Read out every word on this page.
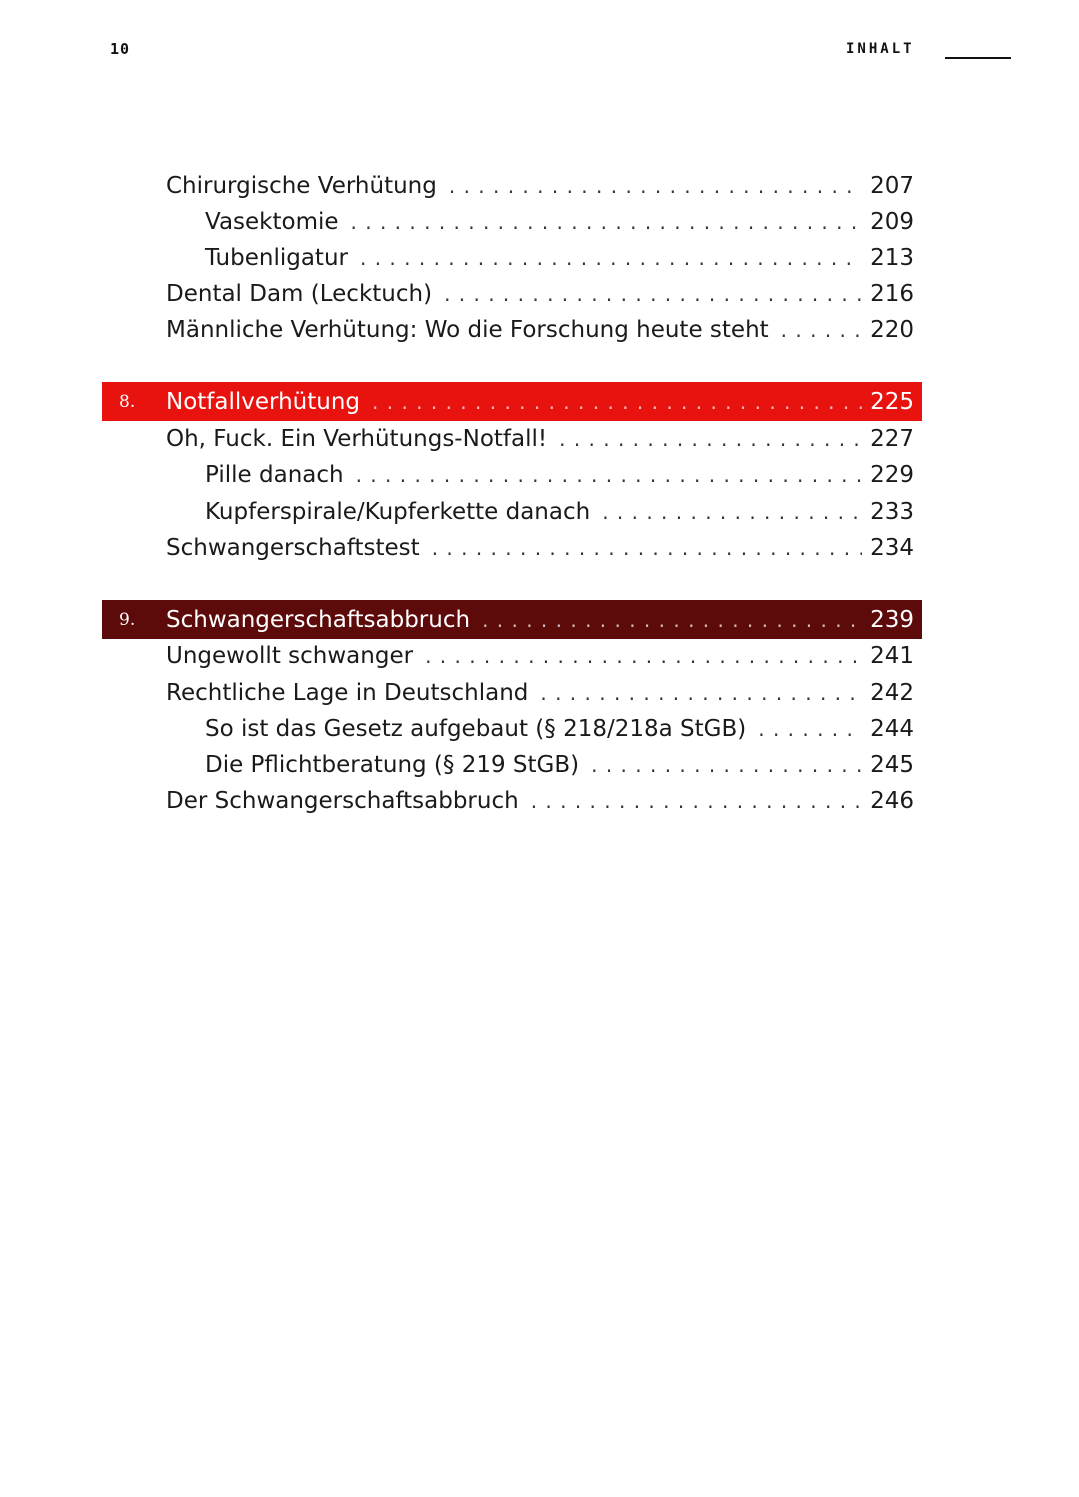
10	INHALT
Chirurgische Verhütung . . .	207
Vasektomie . . .	209
Tubenligatur . . .	213
Dental Dam (Lecktuch) . . .	216
Männliche Verhütung: Wo die Forschung heute steht . . .	220
8.	Notfallverhütung . . .	225
Oh, Fuck. Ein Verhütungs-Notfall! . . .	227
Pille danach . . .	229
Kupferspirale/Kupferkette danach . . .	233
Schwangerschaftstest . . .	234
9.	Schwangerschaftsabbruch . . .	239
Ungewollt schwanger . . .	241
Rechtliche Lage in Deutschland . . .	242
So ist das Gesetz aufgebaut (§ 218/218a StGB) . . .	244
Die Pflichtberatung (§ 219 StGB) . . .	245
Der Schwangerschaftsabbruch . . .	246
